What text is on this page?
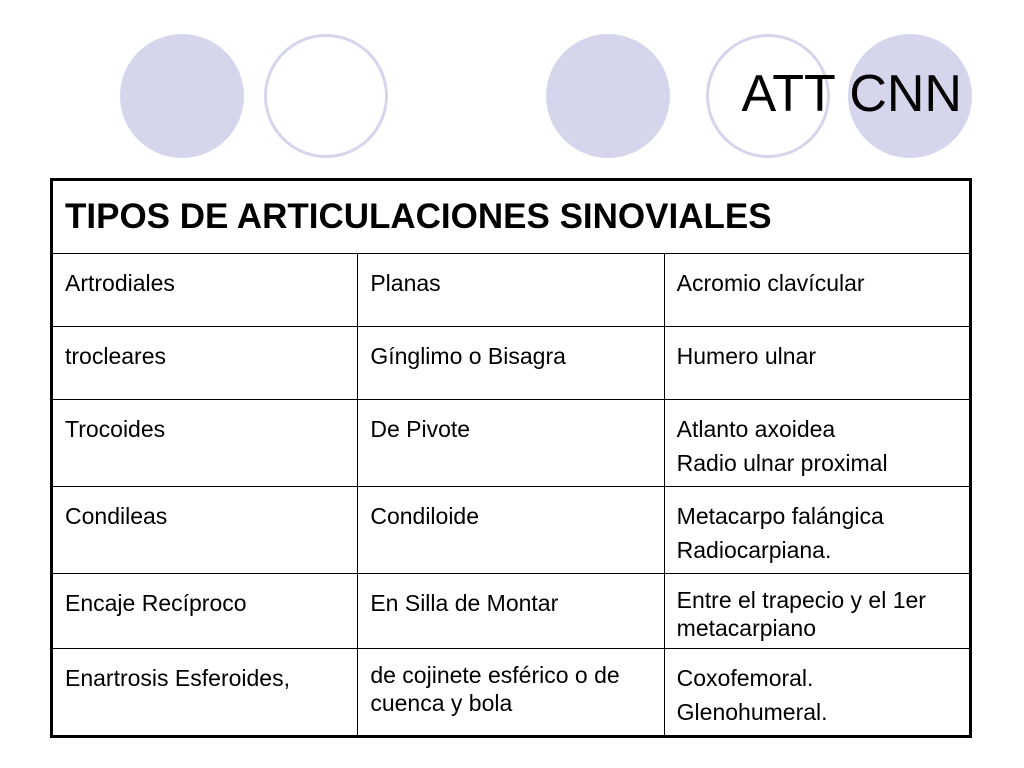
ATT CNN
TIPOS DE ARTICULACIONES SINOVIALES		
Artrodiales	Planas	Acromio clavícular

trocleares	Gínglimo o Bisagra	Humero ulnar

Trocoides	De Pivote	Atlanto axoidea
Radio ulnar proximal

Condileas	Condiloide	Metacarpo falángica
Radiocarpiana.

Encaje Recíproco	En Silla de Montar	Entre el trapecio y el 1er metacarpiano

Enartrosis Esferoides,	de cojinete esférico o de cuenca y bola	Coxofemoral.
Glenohumeral.
